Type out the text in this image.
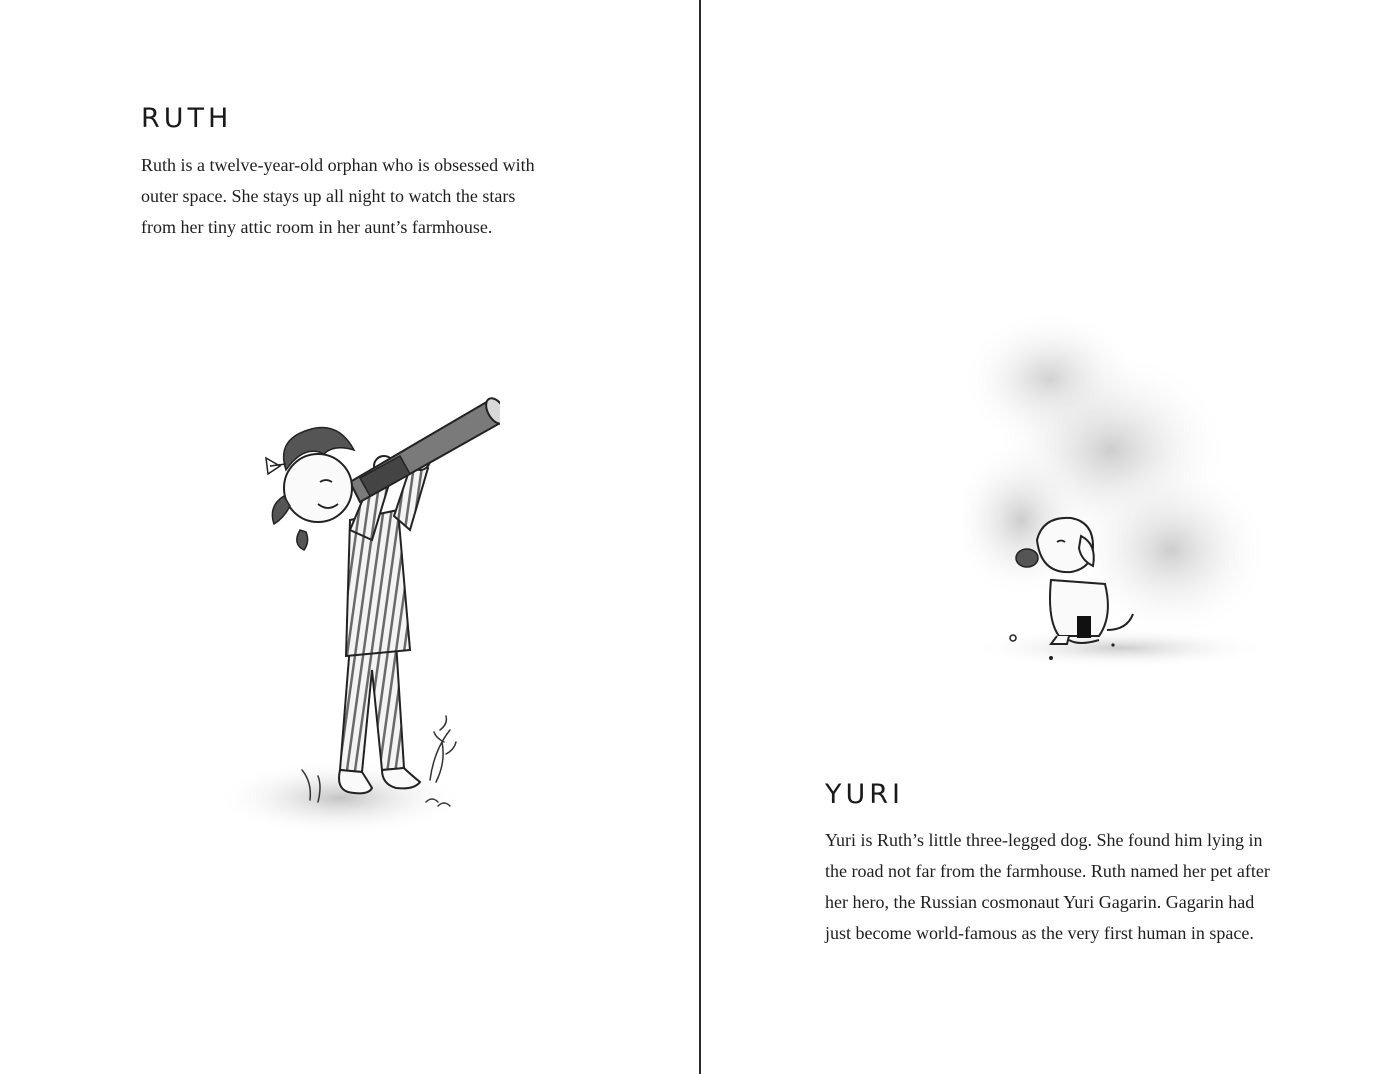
RUTH
Ruth is a twelve-year-old orphan who is obsessed with
outer space. She stays up all night to watch the stars
from her tiny attic room in her aunt’s farmhouse.
YURI
Yuri is Ruth’s little three-legged dog. She found him lying in
the road not far from the farmhouse. Ruth named her pet after
her hero, the Russian cosmonaut Yuri Gagarin. Gagarin had
just become world-famous as the very first human in space.
